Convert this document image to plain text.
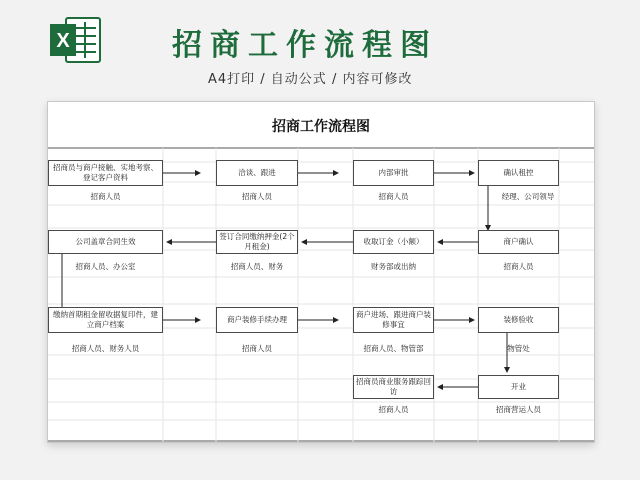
X	招商工作流程图
A4打印 / 自动公式 / 内容可修改
招商工作流程图
招商员与商户接触、实地考察、登记客户资料
洽谈、跟进	内部审批	确认租控
招商人员	招商人员	招商人员	经理、公司领导
公司盖章合同生效
签订合同缴纳押金(2个月租金)
收取订金（小额）	商户确认
招商人员、办公室	招商人员、财务	财务部或出纳	招商人员
缴纳首期租金留收据复印件，建立商户档案
商户装修手续办理
商户进场、跟进商户装修事宜
装修验收
招商人员、财务人员	招商人员	招商人员、物管部	物管处
招商员商业服务跟踪回访
开业
招商人员	招商营运人员
